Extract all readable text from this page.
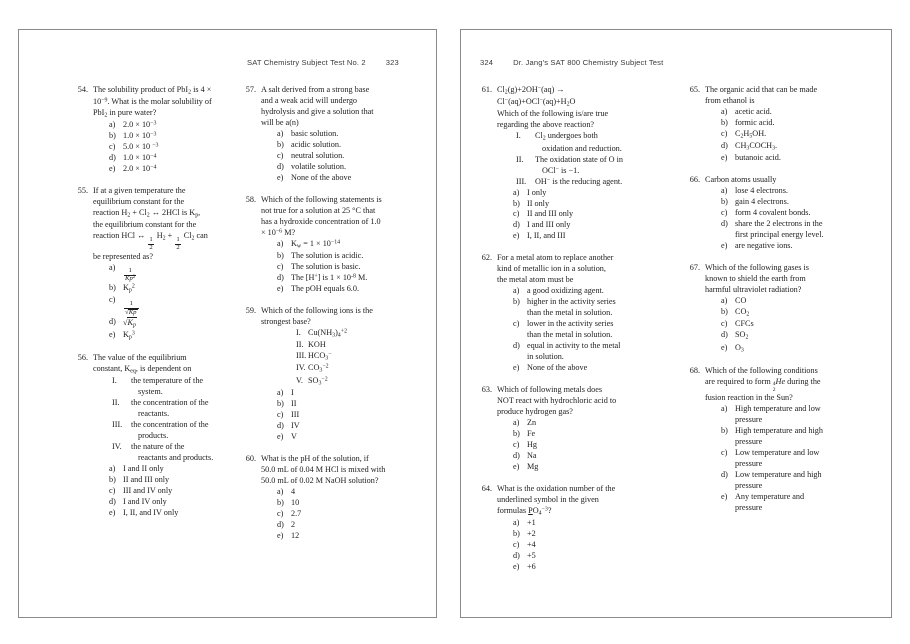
SAT Chemistry Subject Test No. 2	323
54. The solubility product of PbI$_2$ is 4 ×
$10^{-9}$. What is the molar solubility of
PbI$_2$ in pure water?
a) $2.0 \times 10^{-3}$
b) $1.0 \times 10^{-3}$
c) 5.0 × 10 $^{-3}$
d) $1.0 \times 10^{-4}$
e) $2.0 \times 10^{-4}$
55. If at a given temperature the
equilibrium constant for the
reaction $H_2 + Cl_2$ ↔ 2HCl is $K_p$,
the equilibrium constant for the
reaction HCl ↔
$\frac{1}{2}$
$H_2$ +
$\frac{1}{2}$
$Cl_2$ can
be represented as?
a)
$\frac{1}{Kp^2}$
b) $K_p^2$
c)
$\frac{1}{√Kp}$
d) $√K_p$
e) $K_p^3$
56. The value of the equilibrium
constant, $K_{eq}$, is dependent on
I.	the temperature of the
system.
II.	the concentration of the
reactants.
III.	the concentration of the
products.
IV.	the nature of the
reactants and products.
a) I and II only
b) II and III only
c) III and IV only
d) I and IV only
e) I, II, and IV only
57. A salt derived from a strong base
and a weak acid will undergo
hydrolysis and give a solution that
will be a(n)
a) basic solution.
b) acidic solution.
c) neutral solution.
d) volatile solution.
e) None of the above
58. Which of the following statements is
not true for a solution at 25 °C that
has a hydroxide concentration of 1.0
× $10^{-6}$ M?
a) $K_w = 1 \times 10^{-14}$
b) The solution is acidic.
c) The solution is basic.
d) The [H+] is $1 \times 10^{-8}$ M.
e) The pOH equals 6.0.
59. Which of the following ions is the
strongest base?
I. $Cu(NH_3)_4^{+2}$
II. KOH
III. $HCO_3^-$
IV. $CO_3^{-2}$
V. $SO_3^{-2}$
a) I
b) II
c) III
d) IV
e) V
60. What is the pH of the solution, if
50.0 mL of 0.04 M HCl is mixed with
50.0 mL of 0.02 M NaOH solution?
a) 4
b) 10
c) 2.7
d) 2
e) 12
324	Dr. Jang's SAT 800 Chemistry Subject Test
61. $Cl_2(g)+2OH^-(aq)$ →
$Cl^-(aq)+OCl^-(aq)+H_2O$
Which of the following is/are true
regarding the above reaction?
I.	$Cl_2$ undergoes both
oxidation and reduction.
II.	The oxidation state of O in
OCl− is −1.
III.	OH− is the reducing agent.
a) I only
b) II only
c) II and III only
d) I and III only
e) I, II, and III
62. For a metal atom to replace another
kind of metallic ion in a solution,
the metal atom must be
a) a good oxidizing agent.
b) higher in the activity series
than the metal in solution.
c) lower in the activity series
than the metal in solution.
d) equal in activity to the metal
in solution.
e) None of the above
63. Which of following metals does
NOT react with hydrochloric acid to
produce hydrogen gas?
a) Zn
b) Fe
c) Hg
d) Na
e) Mg
64. What is the oxidation number of the
underlined symbol in the given
formulas $PO_4^{-3}$?
a) +1
b) +2
c) +4
d) +5
e) +6
65. The organic acid that can be made
from ethanol is
a) acetic acid.
b) formic acid.
c) $C_2H_5OH$.
d) $CH_3COCH_3$.
e) butanoic acid.
66. Carbon atoms usually
a) lose 4 electrons.
b) gain 4 electrons.
c) form 4 covalent bonds.
d) share the 2 electrons in the
first principal energy level.
e) are negative ions.
67. Which of the following gases is
known to shield the earth from
harmful ultraviolet radiation?
a) CO
b) $CO_2$
c) CFCs
d) $SO_2$
e) $O_3$
68. Which of the following conditions
are required to form 4
2
He during the
fusion reaction in the Sun?
a) High temperature and low
pressure
b) High temperature and high
pressure
c) Low temperature and low
pressure
d) Low temperature and high
pressure
e) Any temperature and
pressure
